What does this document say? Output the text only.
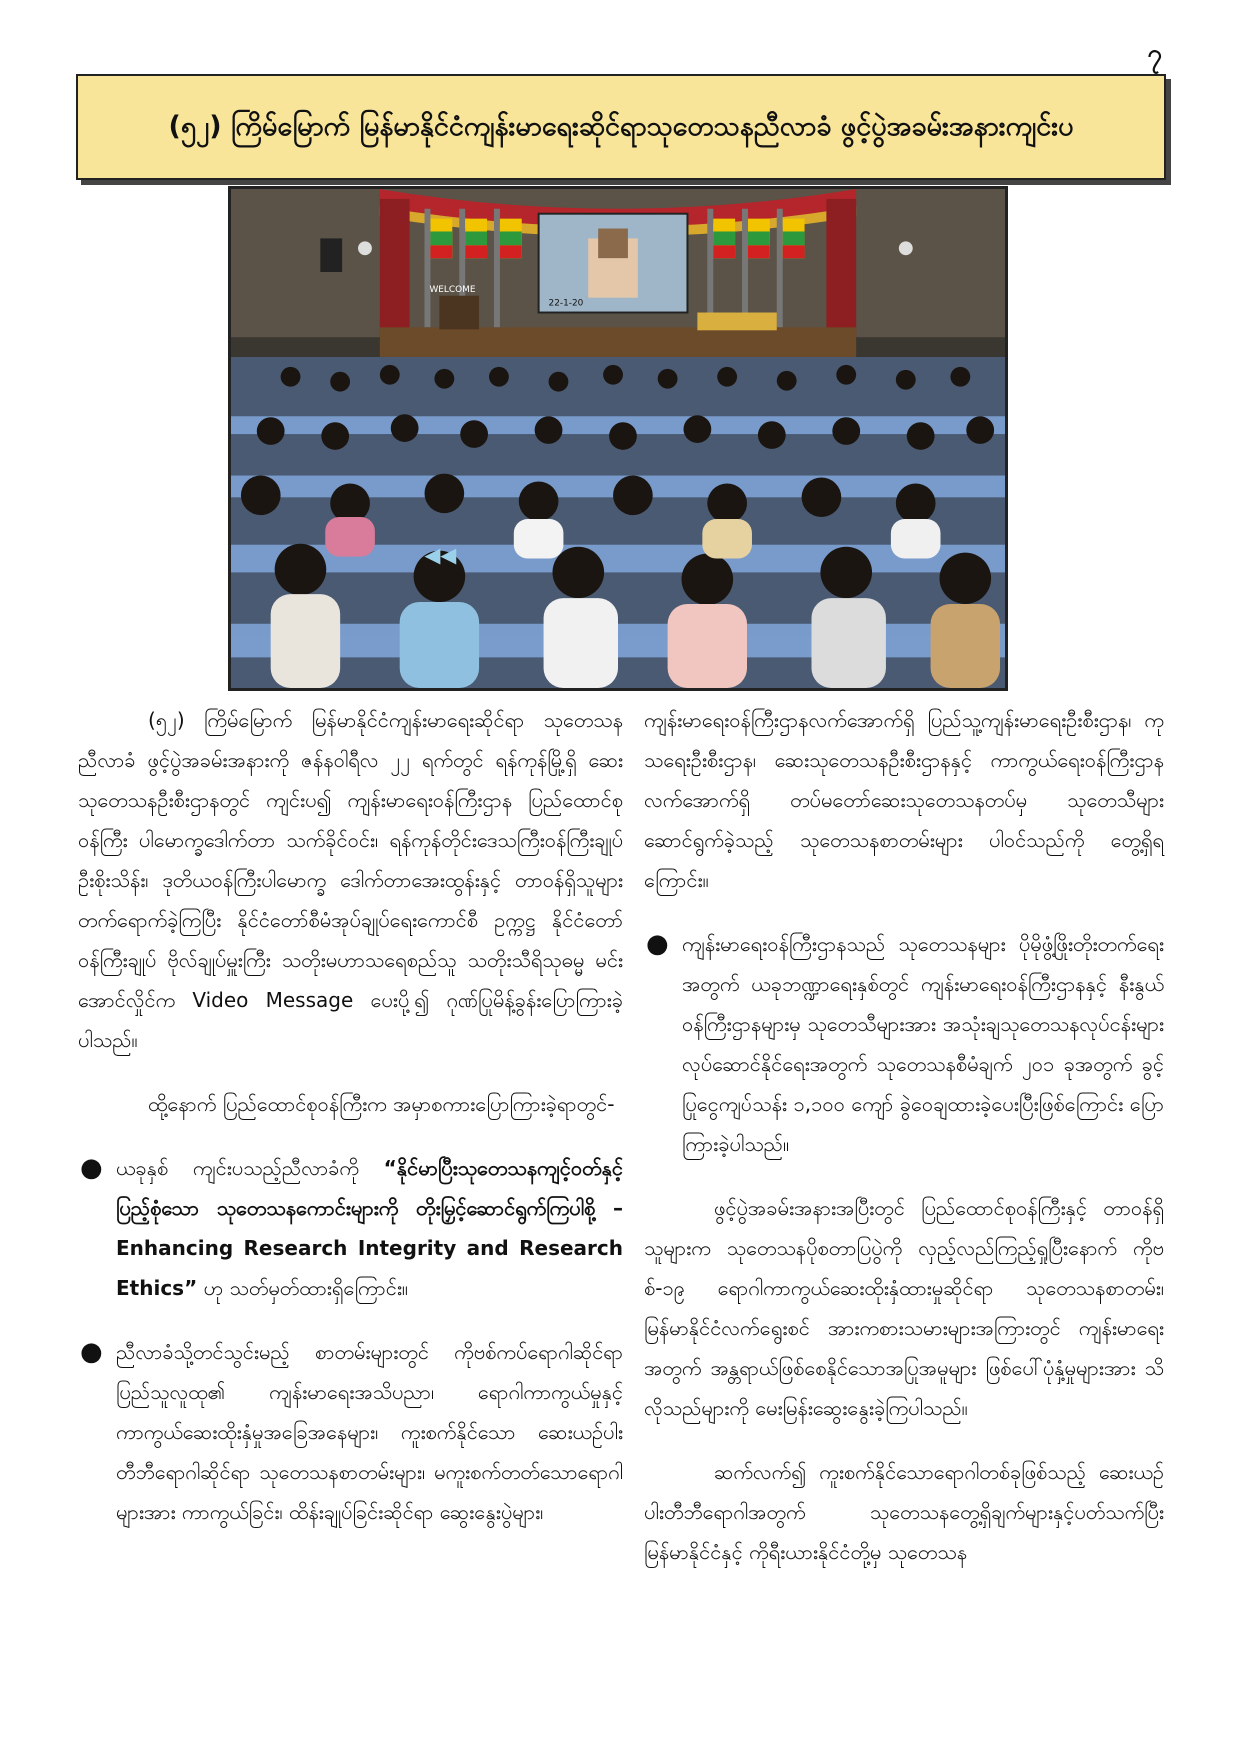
၇
(၅၂) ကြိမ်မြောက် မြန်မာနိုင်ငံကျန်းမာရေးဆိုင်ရာသုတေသနညီလာခံ ဖွင့်ပွဲအခမ်းအနားကျင်းပ
22-1-20
WELCOME

(၅၂) ကြိမ်မြောက် မြန်မာနိုင်ငံကျန်းမာရေးဆိုင်ရာ သုတေသနညီလာခံ ဖွင့်ပွဲအခမ်းအနားကို ဇန်နဝါရီလ ၂၂ ရက်တွင် ရန်ကုန်မြို့ရှိ ဆေးသုတေသနဦးစီးဌာနတွင် ကျင်းပ၍ ကျန်းမာရေးဝန်ကြီးဌာန ပြည်ထောင်စုဝန်ကြီး ပါမောက္ခဒေါက်တာ သက်ခိုင်ဝင်း၊ ရန်ကုန်တိုင်းဒေသကြီးဝန်ကြီးချုပ် ဦးစိုးသိန်း၊ ဒုတိယဝန်ကြီးပါမောက္ခ ဒေါက်တာအေးထွန်းနှင့် တာဝန်ရှိသူများ တက်ရောက်ခဲ့ကြပြီး နိုင်ငံတော်စီမံအုပ်ချုပ်ရေးကောင်စီ ဥက္ကဋ္ဌ နိုင်ငံတော်ဝန်ကြီးချုပ် ဗိုလ်ချုပ်မှူးကြီး သတိုးမဟာသရေစည်သူ သတိုးသီရိသုဓမ္မ မင်းအောင်လှိုင်က Video Message ပေးပို့၍ ဂုဏ်ပြုမိန့်ခွန်းပြောကြားခဲ့ပါသည်။

ထို့နောက် ပြည်ထောင်စုဝန်ကြီးက အမှာစကားပြောကြားခဲ့ရာတွင်-

● ယခုနှစ် ကျင်းပသည့်ညီလာခံကို “နိုင်မာပြီးသုတေသနကျင့်ဝတ်နှင့်ပြည့်စုံသော သုတေသနကောင်းများကို တိုးမြှင့်ဆောင်ရွက်ကြပါစို့ – Enhancing Research Integrity and Research Ethics” ဟု သတ်မှတ်ထားရှိကြောင်း။
● ညီလာခံသို့တင်သွင်းမည့် စာတမ်းများတွင် ကိုဗစ်ကပ်ရောဂါဆိုင်ရာ ပြည်သူလူထု၏ ကျန်းမာရေးအသိပညာ၊ ရောဂါကာကွယ်မှုနှင့် ကာကွယ်ဆေးထိုးနှံမှုအခြေအနေများ၊ ကူးစက်နိုင်သော ဆေးယဉ်ပါးတီဘီရောဂါဆိုင်ရာ သုတေသနစာတမ်းများ၊ မကူးစက်တတ်သောရောဂါများအား ကာကွယ်ခြင်း၊ ထိန်းချုပ်ခြင်းဆိုင်ရာ ဆွေးနွေးပွဲများ၊

ကျန်းမာရေးဝန်ကြီးဌာနလက်အောက်ရှိ ပြည်သူ့ကျန်းမာရေးဦးစီးဌာန၊ ကုသရေးဦးစီးဌာန၊ ဆေးသုတေသနဦးစီးဌာနနှင့် ကာကွယ်ရေးဝန်ကြီးဌာနလက်အောက်ရှိ တပ်မတော်ဆေးသုတေသနတပ်မှ သုတေသီများဆောင်ရွက်ခဲ့သည့် သုတေသနစာတမ်းများ ပါဝင်သည်ကို တွေ့ရှိရကြောင်း။

● ကျန်းမာရေးဝန်ကြီးဌာနသည် သုတေသနများ ပိုမိုဖွံ့ဖြိုးတိုးတက်ရေးအတွက် ယခုဘဏ္ဍာရေးနှစ်တွင် ကျန်းမာရေးဝန်ကြီးဌာနနှင့် နီးနွယ်ဝန်ကြီးဌာနများမှ သုတေသီများအား အသုံးချသုတေသနလုပ်ငန်းများ လုပ်ဆောင်နိုင်ရေးအတွက် သုတေသနစီမံချက် ၂၀၁ ခုအတွက် ခွင့်ပြုငွေကျပ်သန်း ၁,၁၀၀ ကျော် ခွဲဝေချထားခဲ့ပေးပြီးဖြစ်ကြောင်း ပြောကြားခဲ့ပါသည်။

ဖွင့်ပွဲအခမ်းအနားအပြီးတွင် ပြည်ထောင်စုဝန်ကြီးနှင့် တာဝန်ရှိသူများက သုတေသနပိုစတာပြပွဲကို လှည့်လည်ကြည့်ရှုပြီးနောက် ကိုဗစ်-၁၉ ရောဂါကာကွယ်ဆေးထိုးနှံထားမှုဆိုင်ရာ သုတေသနစာတမ်း၊ မြန်မာနိုင်ငံလက်ရွေးစင် အားကစားသမားများအကြားတွင် ကျန်းမာရေးအတွက် အန္တရာယ်ဖြစ်စေနိုင်သောအပြုအမူများ ဖြစ်ပေါ်ပုံနှံ့မှုများအား သိလိုသည်များကို မေးမြန်းဆွေးနွေးခဲ့ကြပါသည်။

ဆက်လက်၍ ကူးစက်နိုင်သောရောဂါတစ်ခုဖြစ်သည့် ဆေးယဉ်ပါးတီဘီရောဂါအတွက် သုတေသနတွေ့ရှိချက်များနှင့်ပတ်သက်ပြီး မြန်မာနိုင်ငံနှင့် ကိုရီးယားနိုင်ငံတို့မှ သုတေသန
